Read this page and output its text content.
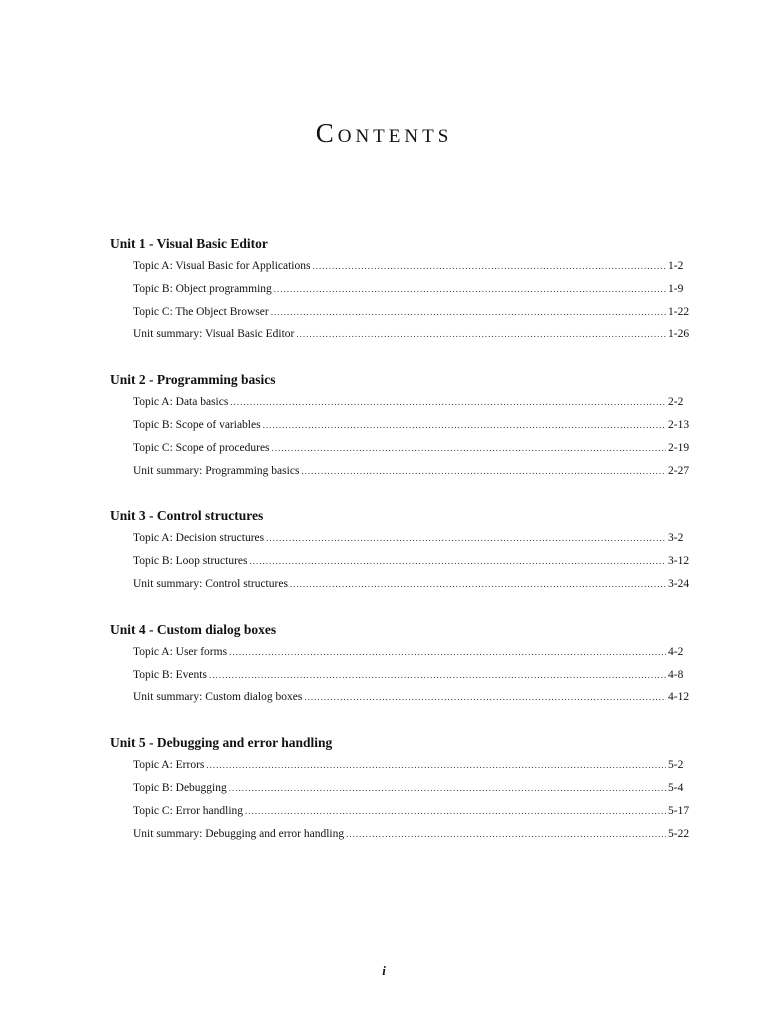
Contents
Unit 1 - Visual Basic Editor
Topic A: Visual Basic for Applications .....	1-2
Topic B: Object programming .....	1-9
Topic C: The Object Browser .....	1-22
Unit summary: Visual Basic Editor .....	1-26
Unit 2 - Programming basics
Topic A: Data basics .....	2-2
Topic B: Scope of variables .....	2-13
Topic C: Scope of procedures .....	2-19
Unit summary: Programming basics .....	2-27
Unit 3 - Control structures
Topic A: Decision structures .....	3-2
Topic B: Loop structures .....	3-12
Unit summary: Control structures .....	3-24
Unit 4 - Custom dialog boxes
Topic A: User forms .....	4-2
Topic B: Events .....	4-8
Unit summary: Custom dialog boxes .....	4-12
Unit 5 - Debugging and error handling
Topic A: Errors .....	5-2
Topic B: Debugging .....	5-4
Topic C: Error handling .....	5-17
Unit summary: Debugging and error handling .....	5-22
i
